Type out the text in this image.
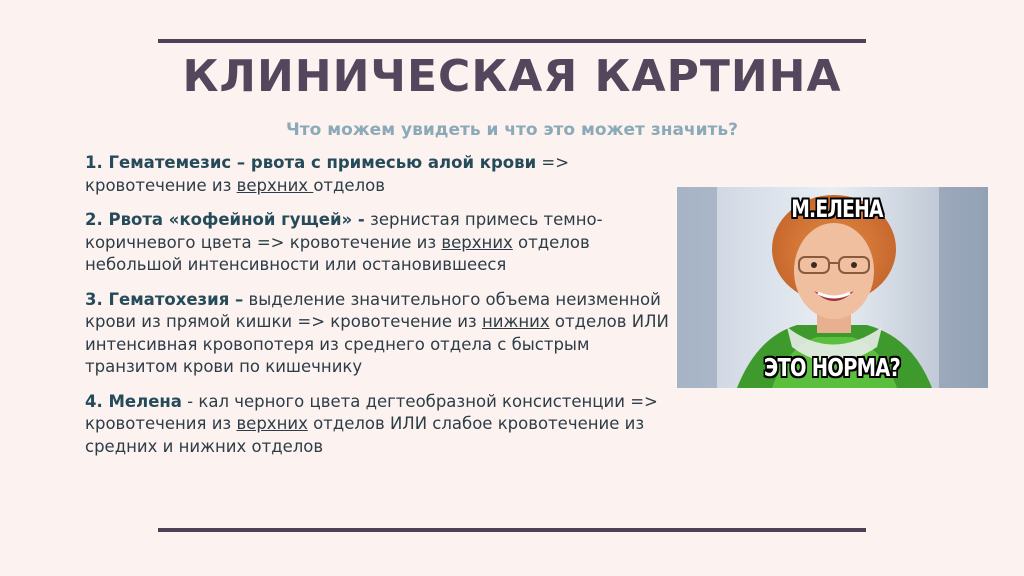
КЛИНИЧЕСКАЯ КАРТИНА
Что можем увидеть и что это может значить?

1. Гематемезис – рвота с примесью алой крови => кровотечение из верхних отделов

2. Рвота «кофейной гущей» - зернистая примесь темно-коричневого цвета => кровотечение из верхних отделов небольшой интенсивности или остановившееся

3. Гематохезия – выделение значительного объема неизменной крови из прямой кишки => кровотечение из нижних отделов ИЛИ интенсивная кровопотеря из среднего отдела с быстрым транзитом крови по кишечнику

4. Мелена - кал черного цвета дегтеобразной консистенции => кровотечения из верхних отделов ИЛИ слабое кровотечение из средних и нижних отделов

М.ЕЛЕНА
ЭТО НОРМА?
